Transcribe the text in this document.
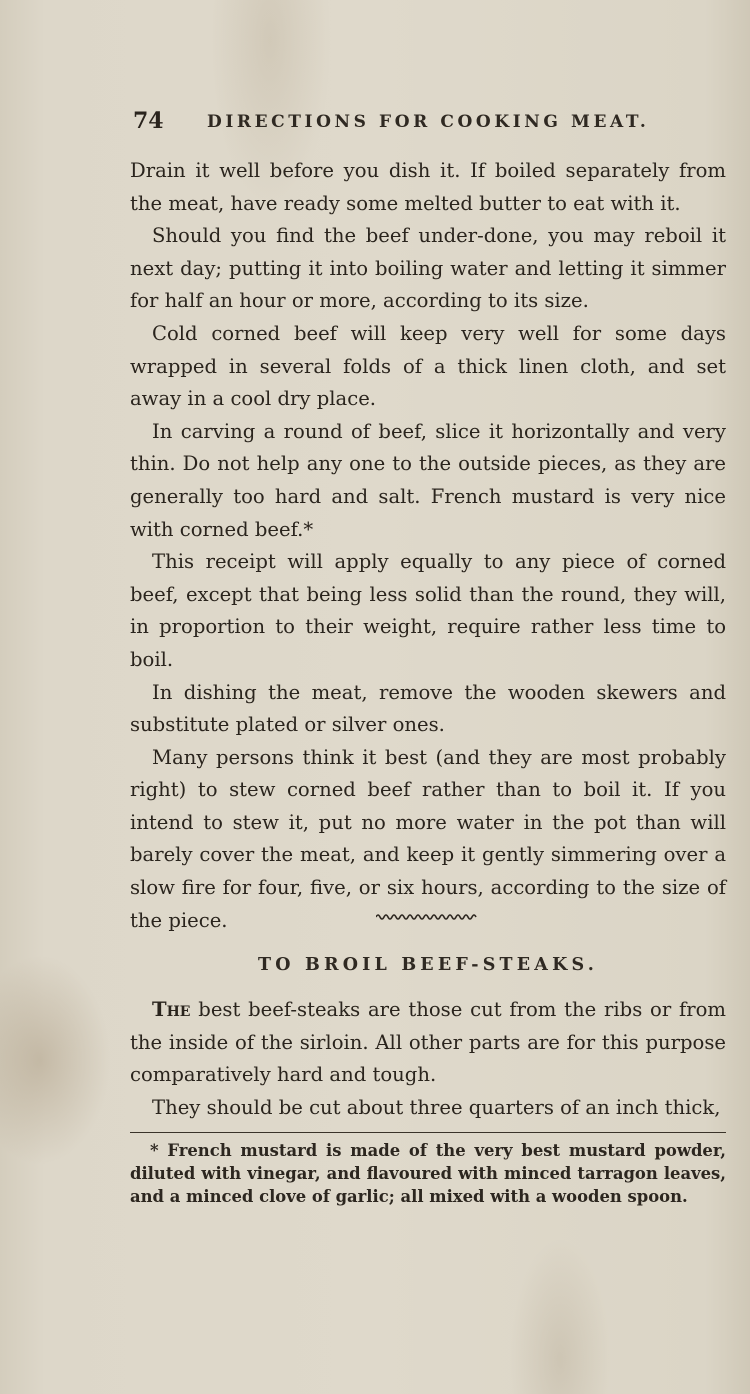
74	DIRECTIONS FOR COOKING MEAT.

Drain it well before you dish it. If boiled separately from the meat, have ready some melted butter to eat with it.

Should you find the beef under-done, you may reboil it next day; putting it into boiling water and letting it simmer for half an hour or more, according to its size.

Cold corned beef will keep very well for some days wrapped in several folds of a thick linen cloth, and set away in a cool dry place.

In carving a round of beef, slice it horizontally and very thin. Do not help any one to the outside pieces, as they are generally too hard and salt. French mustard is very nice with corned beef.*

This receipt will apply equally to any piece of corned beef, except that being less solid than the round, they will, in proportion to their weight, require rather less time to boil.

In dishing the meat, remove the wooden skewers and substitute plated or silver ones.

Many persons think it best (and they are most probably right) to stew corned beef rather than to boil it. If you intend to stew it, put no more water in the pot than will barely cover the meat, and keep it gently simmering over a slow fire for four, five, or six hours, according to the size of the piece.

TO BROIL BEEF-STEAKS.

The best beef-steaks are those cut from the ribs or from the inside of the sirloin. All other parts are for this purpose comparatively hard and tough.

They should be cut about three quarters of an inch thick,

* French mustard is made of the very best mustard powder, diluted with vinegar, and flavoured with minced tarragon leaves, and a minced clove of garlic; all mixed with a wooden spoon.
